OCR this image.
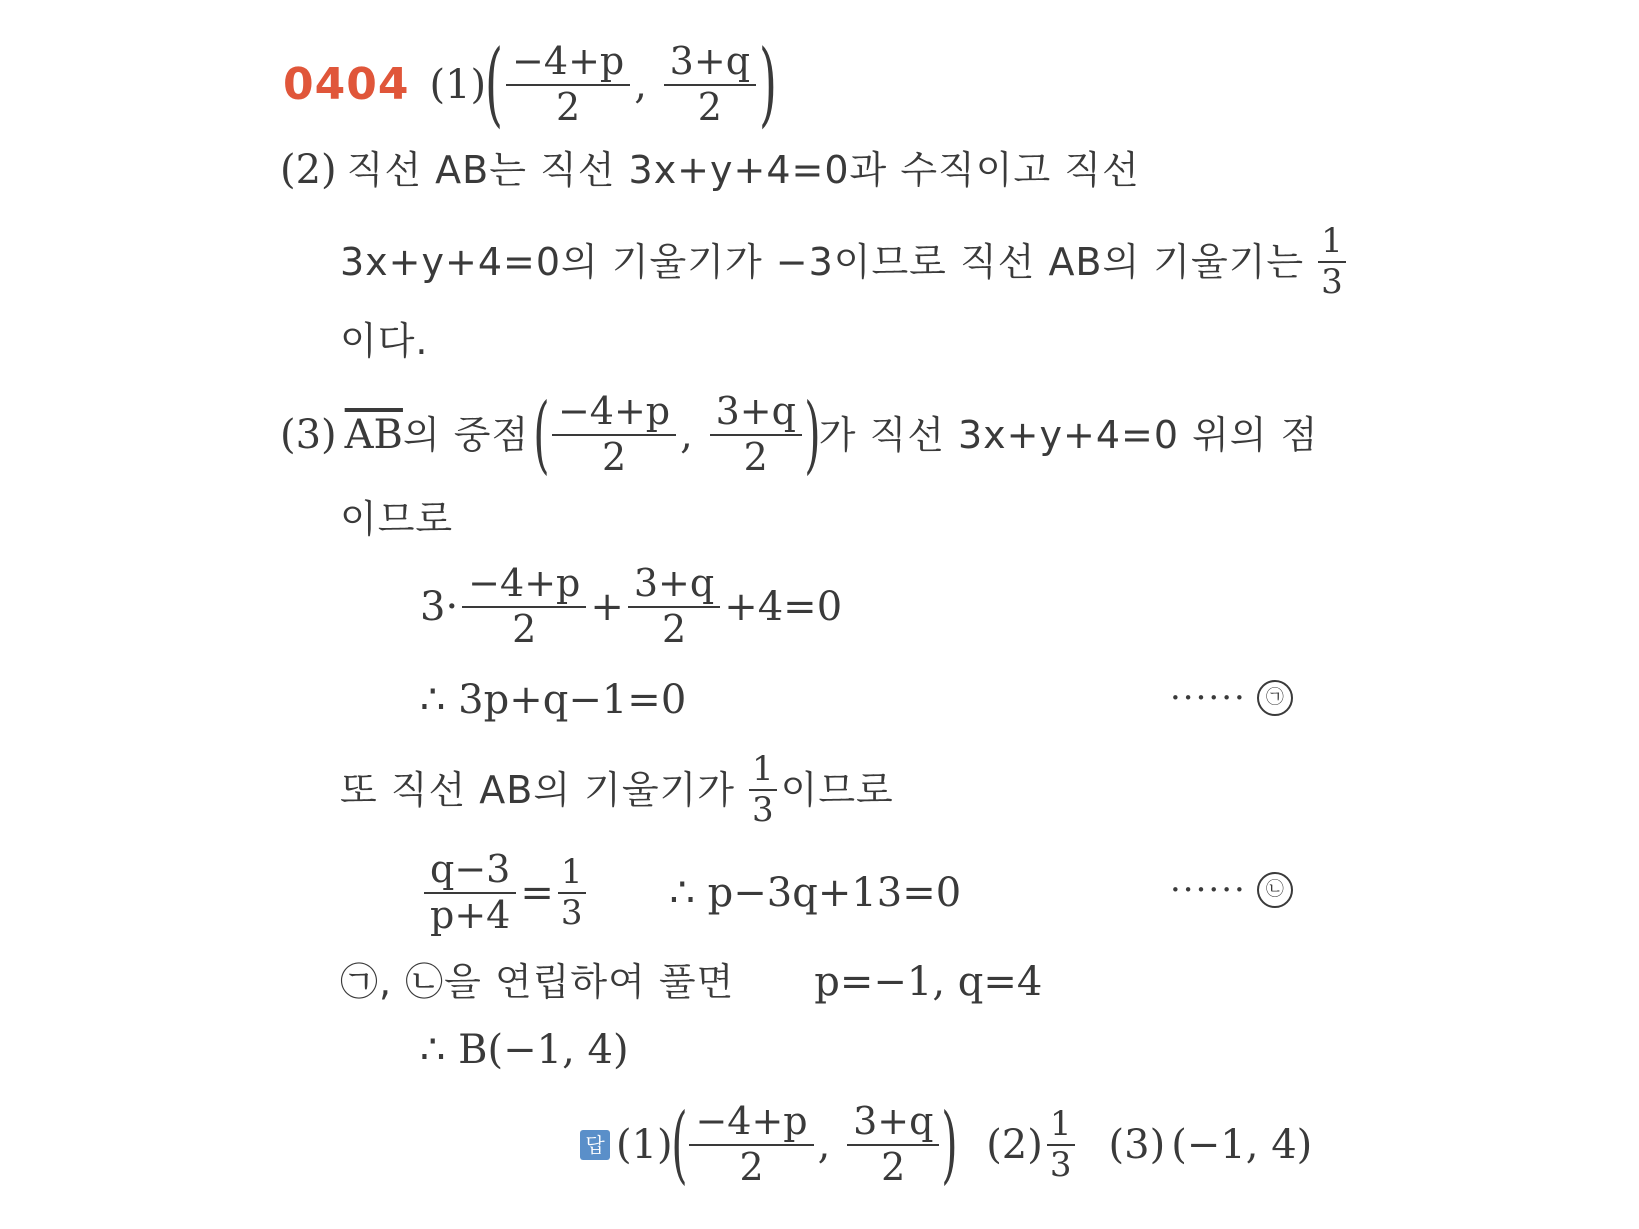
0404 (1)
( $\frac{-4+p}{2}$ , $\frac{3+q}{2}$ )
(2) 직선 AB는 직선 3x+y+4=0과 수직이고 직선
3x+y+4=0의 기울기가 −3이므로 직선 AB의 기울기는 $\frac{1}{3}$
이다.
(3) $\overline{AB}$ 의 중점 ( $\frac{-4+p}{2}$ , $\frac{3+q}{2}$ )
가 직선 3x+y+4=0 위의 점
이므로
$3\cdot \frac{-4+p}{2} + \frac{3+q}{2} +4=0$
∴ 3p+q−1=0	······	㉠
또 직선 AB의 기울기가 $\frac{1}{3}$ 이므로
$\frac{q-3}{p+4} = \frac{1}{3}$ ∴ p−3q+13=0	······	㉡
㉠, ㉡을 연립하여 풀면 p=−1, q=4
∴ B(−1, 4)
답 (1)
( $\frac{-4+p}{2}$ , $\frac{3+q}{2}$ ) $(2) \frac{1}{3} (3)$ (−1, 4)
